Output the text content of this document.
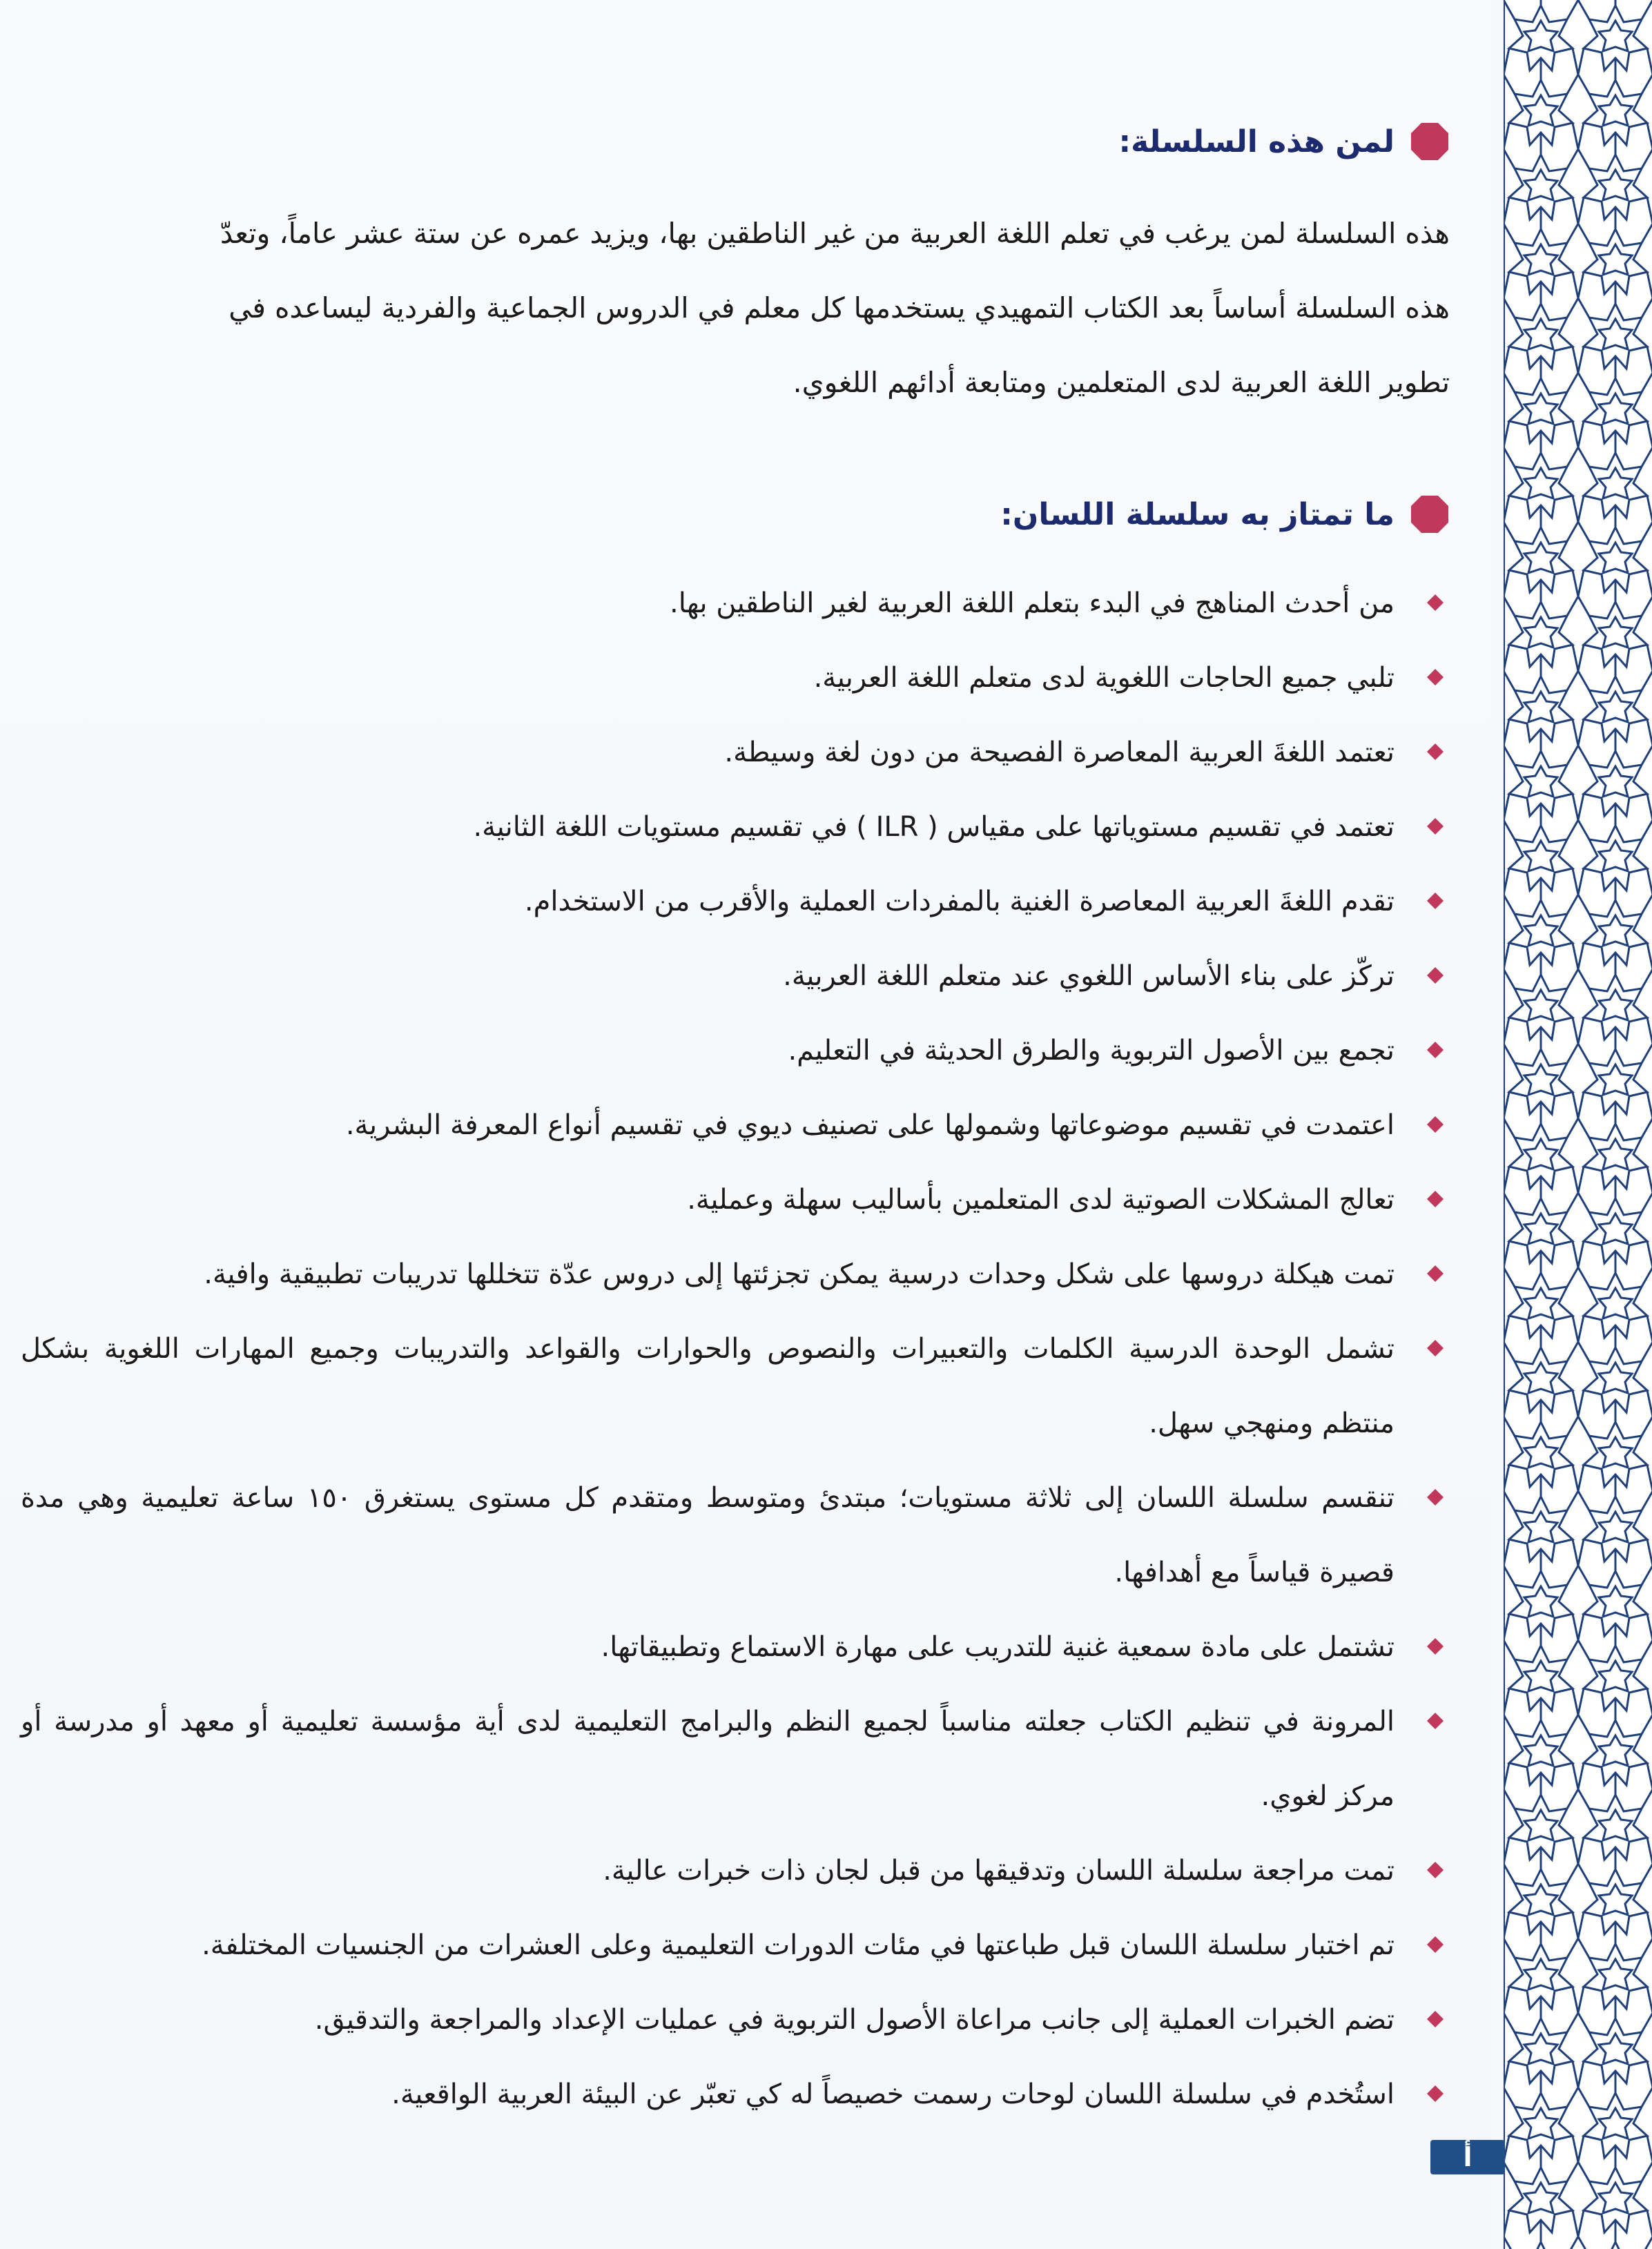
لمن هذه السلسلة:

هذه السلسلة لمن يرغب في تعلم اللغة العربية من غير الناطقين بها، ويزيد عمره عن ستة عشر عاماً، وتعدّ

هذه السلسلة أساساً بعد الكتاب التمهيدي يستخدمها كل معلم في الدروس الجماعية والفردية ليساعده في

تطوير اللغة العربية لدى المتعلمين ومتابعة أدائهم اللغوي.

ما تمتاز به سلسلة اللسان:
من أحدث المناهج في البدء بتعلم اللغة العربية لغير الناطقين بها.
تلبي جميع الحاجات اللغوية لدى متعلم اللغة العربية.
تعتمد اللغةَ العربية المعاصرة الفصيحة من دون لغة وسيطة.
تعتمد في تقسيم مستوياتها على مقياس ( ILR ) في تقسيم مستويات اللغة الثانية.
تقدم اللغةَ العربية المعاصرة الغنية بالمفردات العملية والأقرب من الاستخدام.
تركّز على بناء الأساس اللغوي عند متعلم اللغة العربية.
تجمع بين الأصول التربوية والطرق الحديثة في التعليم.
اعتمدت في تقسيم موضوعاتها وشمولها على تصنيف ديوي في تقسيم أنواع المعرفة البشرية.
تعالج المشكلات الصوتية لدى المتعلمين بأساليب سهلة وعملية.
تمت هيكلة دروسها على شكل وحدات درسية يمكن تجزئتها إلى دروس عدّة تتخللها تدريبات تطبيقية وافية.
تشمل الوحدة الدرسية الكلمات والتعبيرات والنصوص والحوارات والقواعد والتدريبات وجميع المهارات اللغوية بشكل منتظم ومنهجي سهل.
تنقسم سلسلة اللسان إلى ثلاثة مستويات؛ مبتدئ ومتوسط ومتقدم كل مستوى يستغرق ١٥٠ ساعة تعليمية وهي مدة قصيرة قياساً مع أهدافها.
تشتمل على مادة سمعية غنية للتدريب على مهارة الاستماع وتطبيقاتها.
المرونة في تنظيم الكتاب جعلته مناسباً لجميع النظم والبرامج التعليمية لدى أية مؤسسة تعليمية أو معهد أو مدرسة أو مركز لغوي.
تمت مراجعة سلسلة اللسان وتدقيقها من قبل لجان ذات خبرات عالية.
تم اختبار سلسلة اللسان قبل طباعتها في مئات الدورات التعليمية وعلى العشرات من الجنسيات المختلفة.
تضم الخبرات العملية إلى جانب مراعاة الأصول التربوية في عمليات الإعداد والمراجعة والتدقيق.
استُخدم في سلسلة اللسان لوحات رسمت خصيصاً له كي تعبّر عن البيئة العربية الواقعية.
أ
